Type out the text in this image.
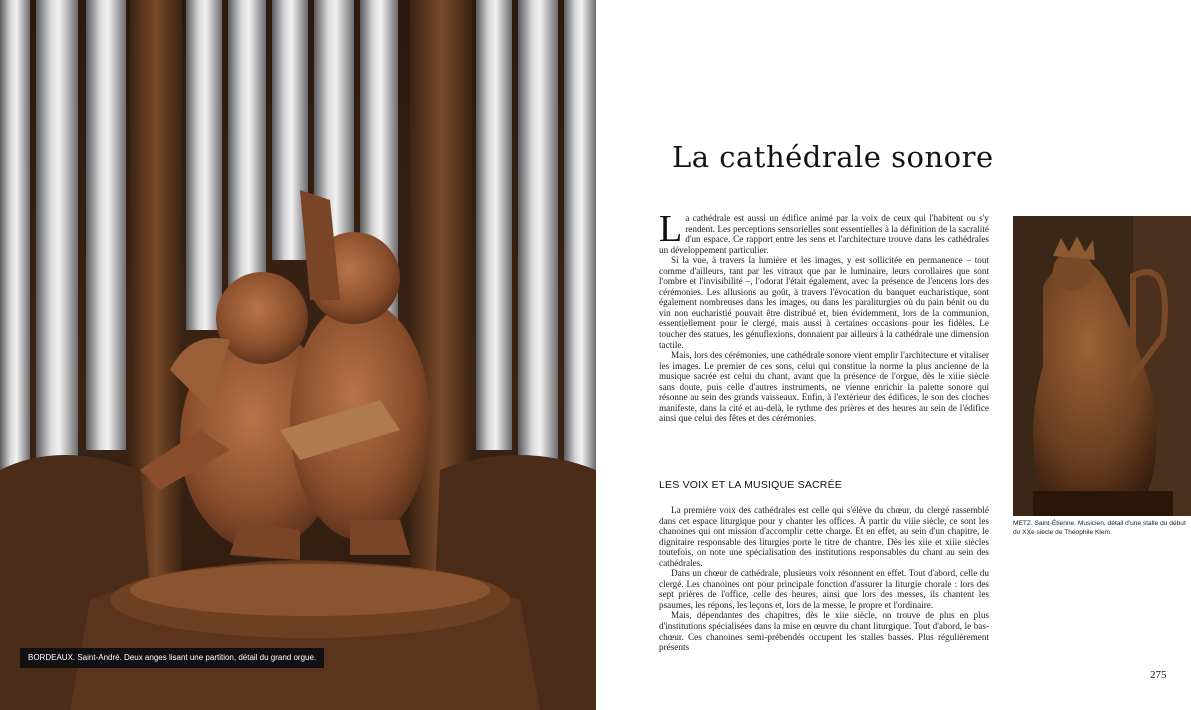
BORDEAUX. Saint-André. Deux anges lisant une partition, détail du grand orgue.
La cathédrale sonore

La cathédrale est aussi un édifice animé par la voix de ceux qui l'habitent ou s'y rendent. Les perceptions sensorielles sont essentielles à la définition de la sacralité d'un espace. Ce rapport entre les sens et l'architecture trouve dans les cathédrales un développement particulier.

Si la vue, à travers la lumière et les images, y est sollicitée en permanence – tout comme d'ailleurs, tant par les vitraux que par le luminaire, leurs corollaires que sont l'ombre et l'invisibilité –, l'odorat l'était également, avec la présence de l'encens lors des cérémonies. Les allusions au goût, à travers l'évocation du banquet eucharistique, sont également nombreuses dans les images, ou dans les paraliturgies où du pain bénit ou du vin non eucharistié pouvait être distribué et, bien évidemment, lors de la communion, essentiellement pour le clergé, mais aussi à certaines occasions pour les fidèles. Le toucher des statues, les génuflexions, donnaient par ailleurs à la cathédrale une dimension tactile.

Mais, lors des cérémonies, une cathédrale sonore vient emplir l'architecture et vitaliser les images. Le premier de ces sons, celui qui constitue la norme la plus ancienne de la musique sacrée est celui du chant, avant que la présence de l'orgue, dès le xiiie siècle sans doute, puis celle d'autres instruments, ne vienne enrichir la palette sonore qui résonne au sein des grands vaisseaux. Enfin, à l'extérieur des édifices, le son des cloches manifeste, dans la cité et au-delà, le rythme des prières et des heures au sein de l'édifice ainsi que celui des fêtes et des cérémonies.

LES VOIX ET LA MUSIQUE SACRÉE

La première voix des cathédrales est celle qui s'élève du chœur, du clergé rassemblé dans cet espace liturgique pour y chanter les offices. À partir du viiie siècle, ce sont les chanoines qui ont mission d'accomplir cette charge. Et en effet, au sein d'un chapitre, le dignitaire responsable des liturgies porte le titre de chantre. Dès les xiie et xiiie siècles toutefois, on note une spécialisation des institutions responsables du chant au sein des cathédrales.

Dans un chœur de cathédrale, plusieurs voix résonnent en effet. Tout d'abord, celle du clergé. Les chanoines ont pour principale fonction d'assurer la liturgie chorale : lors des sept prières de l'office, celle des heures, ainsi que lors des messes, ils chantent les psaumes, les répons, les leçons et, lors de la messe, le propre et l'ordinaire.

Mais, dépendantes des chapitres, dès le xiie siècle, on trouve de plus en plus d'institutions spécialisées dans la mise en œuvre du chant liturgique. Tout d'abord, le bas-chœur. Ces chanoines semi-prébendés occupent les stalles basses. Plus régulièrement présents

METZ. Saint-Étienne. Musicien, détail d'une stalle du début du XXe siècle de Théophile Klem.
275
